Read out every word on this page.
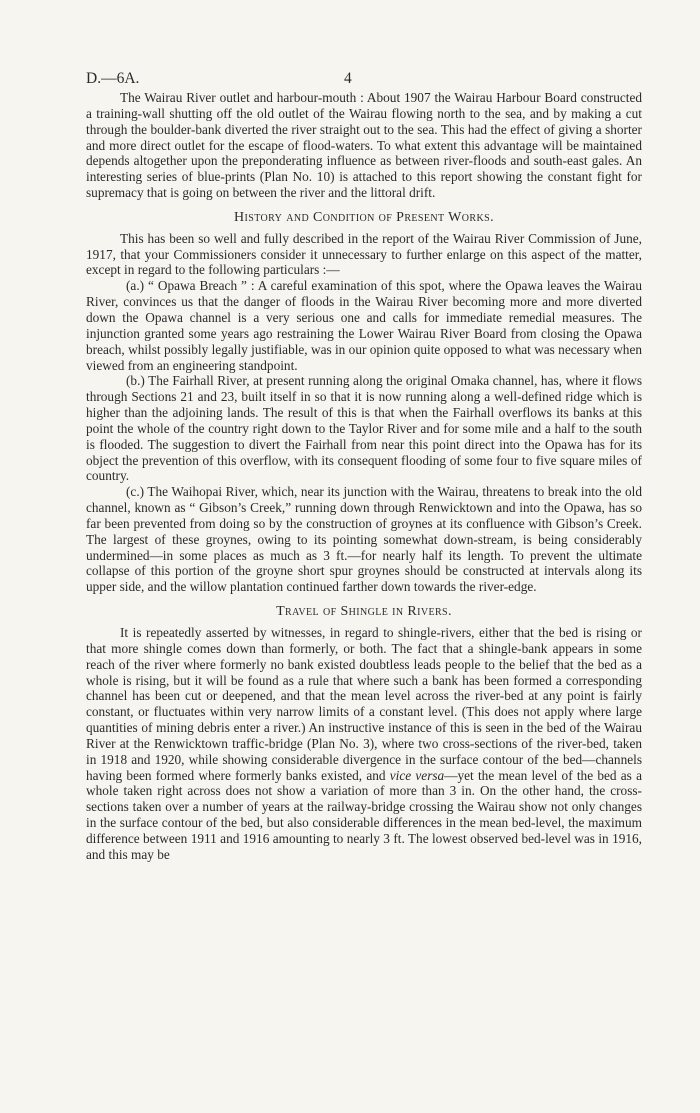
D.—6A.	4

The Wairau River outlet and harbour-mouth : About 1907 the Wairau Harbour Board constructed a training-wall shutting off the old outlet of the Wairau flowing north to the sea, and by making a cut through the boulder-bank diverted the river straight out to the sea. This had the effect of giving a shorter and more direct outlet for the escape of flood-waters. To what extent this advantage will be maintained depends altogether upon the preponderating influence as between river-floods and south-east gales. An interesting series of blue-prints (Plan No. 10) is attached to this report showing the constant fight for supremacy that is going on between the river and the littoral drift.

History and Condition of Present Works.

This has been so well and fully described in the report of the Wairau River Commission of June, 1917, that your Commissioners consider it unnecessary to further enlarge on this aspect of the matter, except in regard to the following particulars :—

(a.) “ Opawa Breach ” : A careful examination of this spot, where the Opawa leaves the Wairau River, convinces us that the danger of floods in the Wairau River becoming more and more diverted down the Opawa channel is a very serious one and calls for immediate remedial measures. The injunction granted some years ago restraining the Lower Wairau River Board from closing the Opawa breach, whilst possibly legally justifiable, was in our opinion quite opposed to what was necessary when viewed from an engineering standpoint.

(b.) The Fairhall River, at present running along the original Omaka channel, has, where it flows through Sections 21 and 23, built itself in so that it is now running along a well-defined ridge which is higher than the adjoining lands. The result of this is that when the Fairhall overflows its banks at this point the whole of the country right down to the Taylor River and for some mile and a half to the south is flooded. The suggestion to divert the Fairhall from near this point direct into the Opawa has for its object the prevention of this overflow, with its consequent flooding of some four to five square miles of country.

(c.) The Waihopai River, which, near its junction with the Wairau, threatens to break into the old channel, known as “ Gibson’s Creek,” running down through Renwicktown and into the Opawa, has so far been prevented from doing so by the construction of groynes at its confluence with Gibson’s Creek. The largest of these groynes, owing to its pointing somewhat down-stream, is being considerably undermined—in some places as much as 3 ft.—for nearly half its length. To prevent the ultimate collapse of this portion of the groyne short spur groynes should be constructed at intervals along its upper side, and the willow plantation continued farther down towards the river-edge.

Travel of Shingle in Rivers.

It is repeatedly asserted by witnesses, in regard to shingle-rivers, either that the bed is rising or that more shingle comes down than formerly, or both. The fact that a shingle-bank appears in some reach of the river where formerly no bank existed doubtless leads people to the belief that the bed as a whole is rising, but it will be found as a rule that where such a bank has been formed a corresponding channel has been cut or deepened, and that the mean level across the river-bed at any point is fairly constant, or fluctuates within very narrow limits of a constant level. (This does not apply where large quantities of mining debris enter a river.) An instructive instance of this is seen in the bed of the Wairau River at the Renwicktown traffic-bridge (Plan No. 3), where two cross-sections of the river-bed, taken in 1918 and 1920, while showing considerable divergence in the surface contour of the bed—channels having been formed where formerly banks existed, and vice versa—yet the mean level of the bed as a whole taken right across does not show a variation of more than 3 in. On the other hand, the cross-sections taken over a number of years at the railway-bridge crossing the Wairau show not only changes in the surface contour of the bed, but also considerable differences in the mean bed-level, the maximum difference between 1911 and 1916 amounting to nearly 3 ft. The lowest observed bed-level was in 1916, and this may be
